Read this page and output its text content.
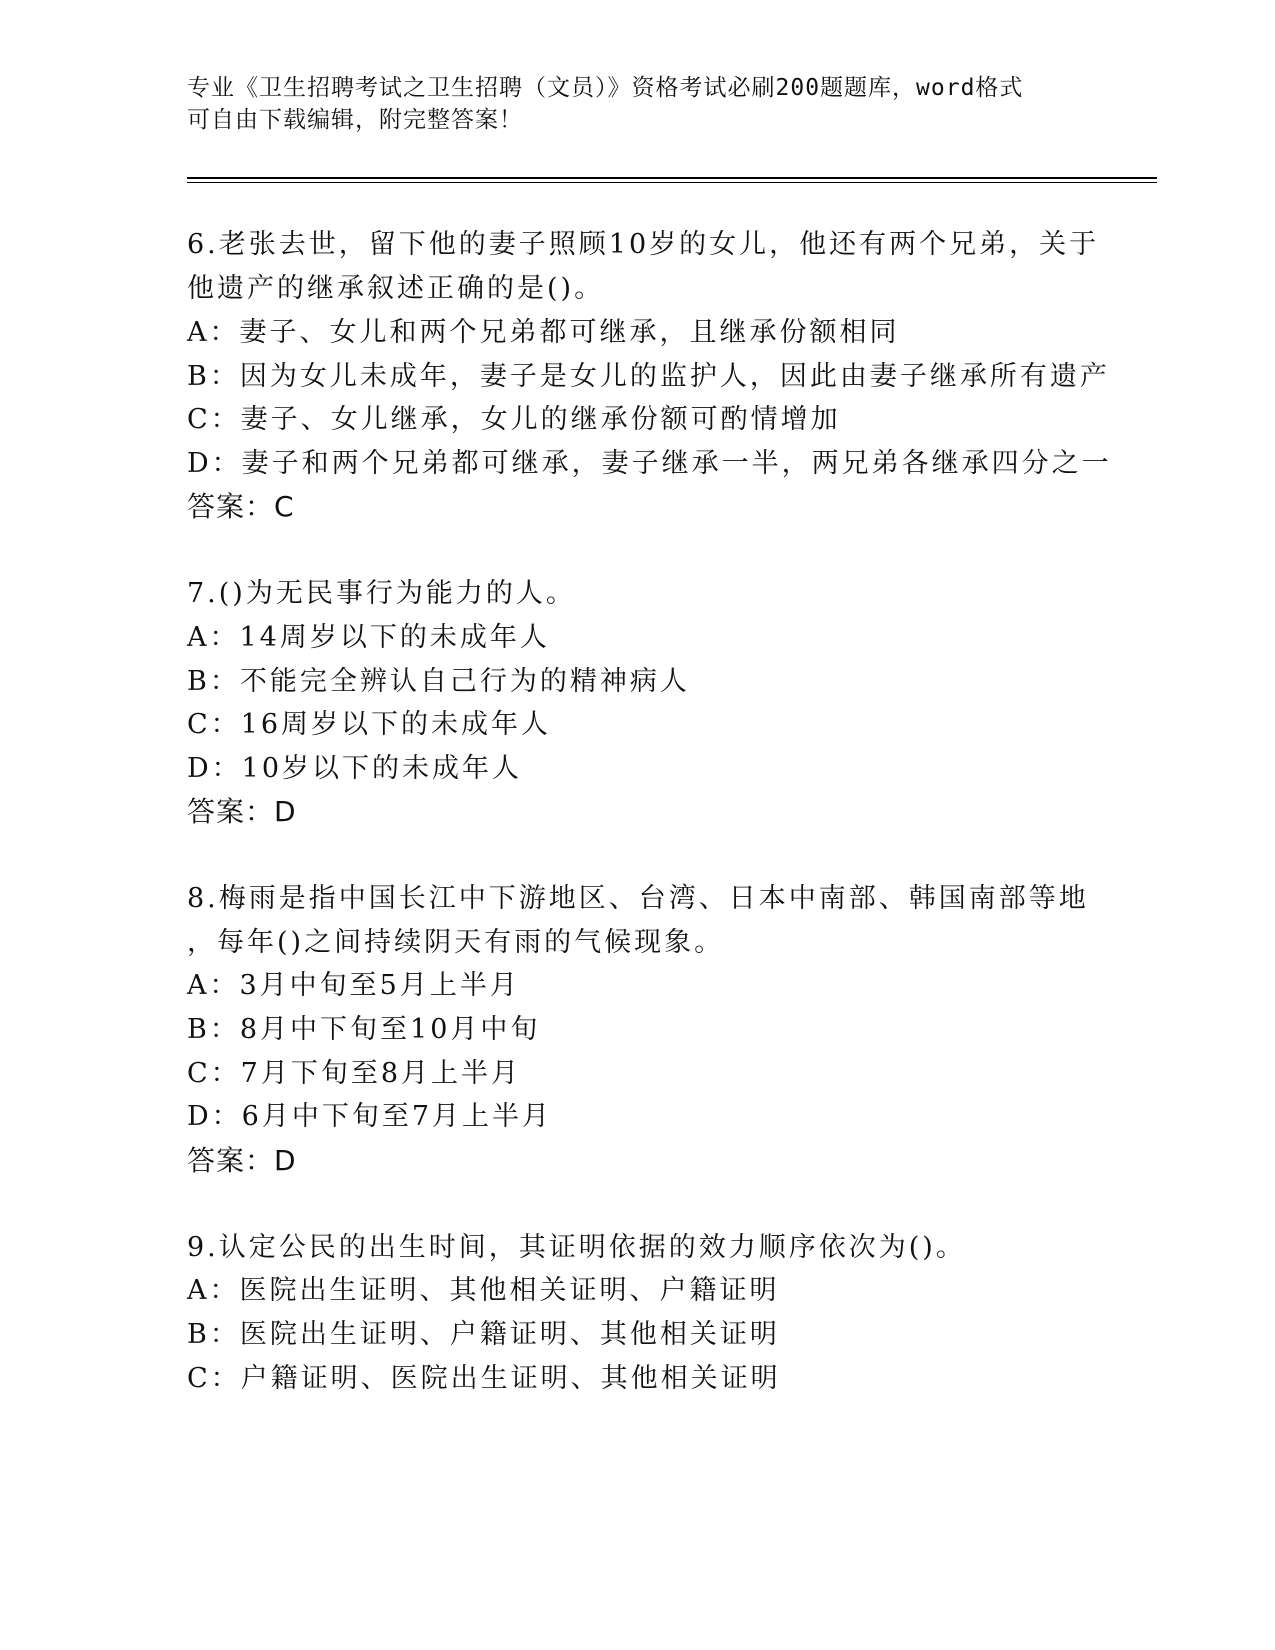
专业《卫生招聘考试之卫生招聘（文员）》资格考试必刷200题题库，word格式
可自由下载编辑，附完整答案！
6.老张去世，留下他的妻子照顾10岁的女儿，他还有两个兄弟，关于
他遗产的继承叙述正确的是()。
A：妻子、女儿和两个兄弟都可继承，且继承份额相同
B：因为女儿未成年，妻子是女儿的监护人，因此由妻子继承所有遗产
C：妻子、女儿继承，女儿的继承份额可酌情增加
D：妻子和两个兄弟都可继承，妻子继承一半，两兄弟各继承四分之一
答案：C
7.()为无民事行为能力的人。
A：14周岁以下的未成年人
B：不能完全辨认自己行为的精神病人
C：16周岁以下的未成年人
D：10岁以下的未成年人
答案：D
8.梅雨是指中国长江中下游地区、台湾、日本中南部、韩国南部等地
，每年()之间持续阴天有雨的气候现象。
A：3月中旬至5月上半月
B：8月中下旬至10月中旬
C：7月下旬至8月上半月
D：6月中下旬至7月上半月
答案：D
9.认定公民的出生时间，其证明依据的效力顺序依次为()。
A：医院出生证明、其他相关证明、户籍证明
B：医院出生证明、户籍证明、其他相关证明
C：户籍证明、医院出生证明、其他相关证明
